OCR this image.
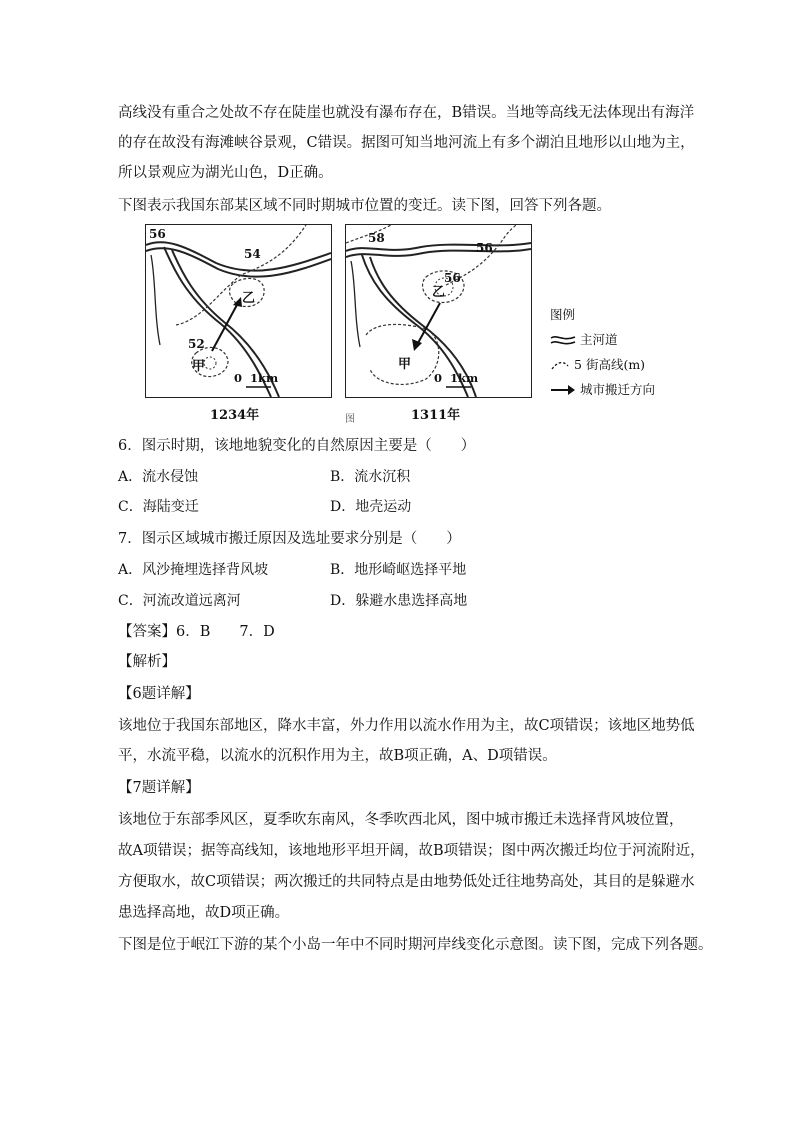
高线没有重合之处故不存在陡崖也就没有瀑布存在，B错误。当地等高线无法体现出有海洋
的存在故没有海滩峡谷景观，C错误。据图可知当地河流上有多个湖泊且地形以山地为主，
所以景观应为湖光山色，D正确。
下图表示我国东部某区域不同时期城市位置的变迁。读下图，回答下列各题。
56
54
52
乙
甲
0  1km
1234年
58
56
56
乙
甲
0  1km
1311年
图
图例
主河道
5 街高线(m)
城市搬迁方向
6．图示时期，该地地貌变化的自然原因主要是（　　）
A．流水侵蚀	B．流水沉积
C．海陆变迁	D．地壳运动
7．图示区域城市搬迁原因及选址要求分别是（　　）
A．风沙掩埋选择背风坡	B．地形崎岖选择平地
C．河流改道远离河	D．躲避水患选择高地
【答案】6．B　　7．D
【解析】
【6题详解】
该地位于我国东部地区，降水丰富，外力作用以流水作用为主，故C项错误；该地区地势低
平，水流平稳，以流水的沉积作用为主，故B项正确，A、D项错误。
【7题详解】
该地位于东部季风区，夏季吹东南风，冬季吹西北风，图中城市搬迁未选择背风坡位置，
故A项错误；据等高线知，该地地形平坦开阔，故B项错误；图中两次搬迁均位于河流附近，
方便取水，故C项错误；两次搬迁的共同特点是由地势低处迁往地势高处，其目的是躲避水
患选择高地，故D项正确。
下图是位于岷江下游的某个小岛一年中不同时期河岸线变化示意图。读下图，完成下列各题。
